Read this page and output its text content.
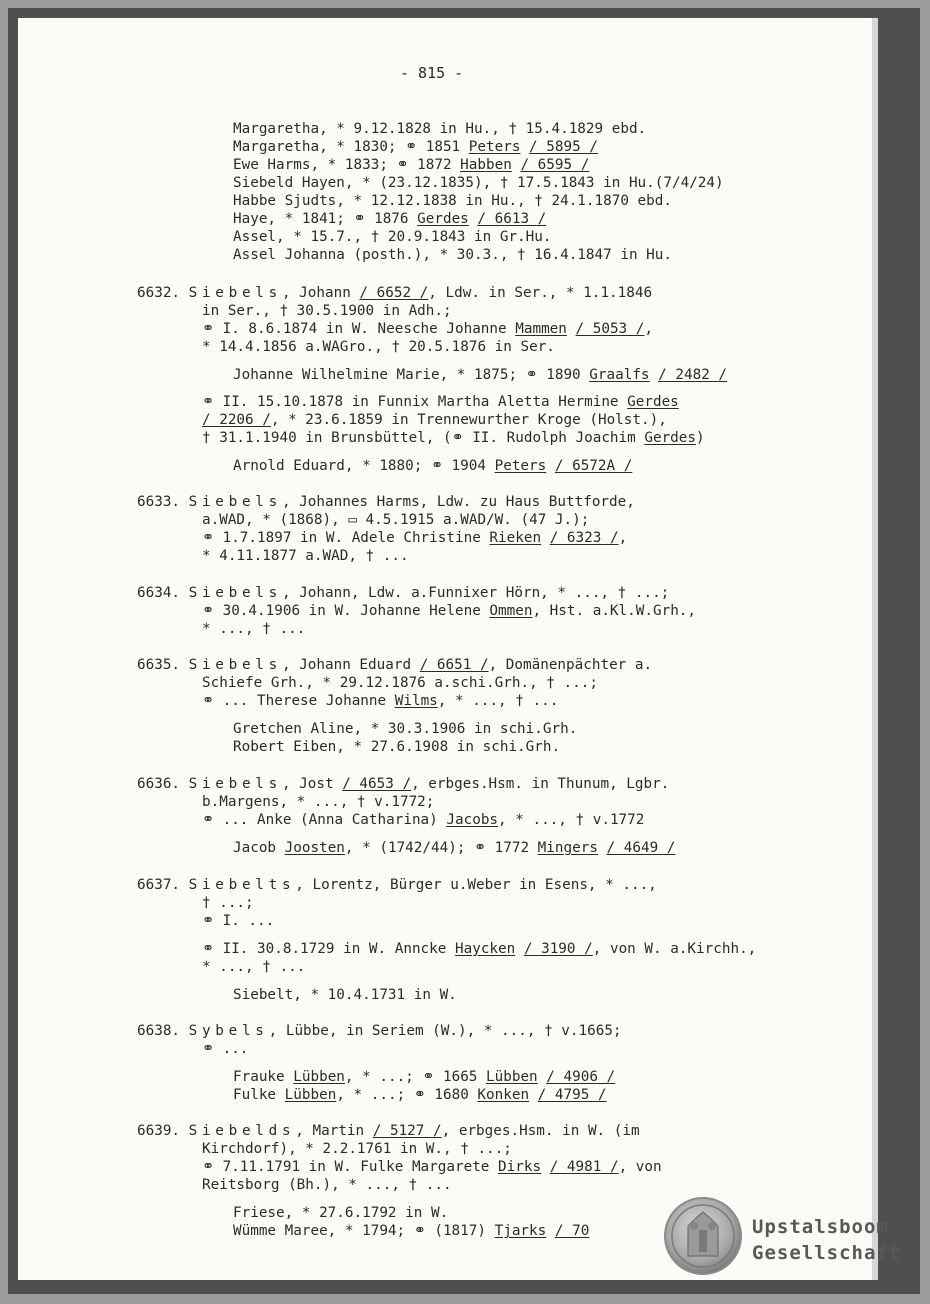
- 815 -
Margaretha, * 9.12.1828 in Hu., † 15.4.1829 ebd.
Margaretha, * 1830; ⚭ 1851 Peters / 5895 /
Ewe Harms, * 1833; ⚭ 1872 Habben / 6595 /
Siebeld Hayen, * (23.12.1835), † 17.5.1843 in Hu.(7/4/24)
Habbe Sjudts, * 12.12.1838 in Hu., † 24.1.1870 ebd.
Haye, * 1841; ⚭ 1876 Gerdes / 6613 /
Assel, * 15.7., † 20.9.1843 in Gr.Hu.
Assel Johanna (posth.), * 30.3., † 16.4.1847 in Hu.
6632. Siebels, Johann / 6652 /, Ldw. in Ser., * 1.1.1846
in Ser., † 30.5.1900 in Adh.;
⚭ I. 8.6.1874 in W. Neesche Johanne Mammen / 5053 /,
* 14.4.1856 a.WAGro., † 20.5.1876 in Ser.
Johanne Wilhelmine Marie, * 1875; ⚭ 1890 Graalfs / 2482 /
⚭ II. 15.10.1878 in Funnix Martha Aletta Hermine Gerdes
/ 2206 /, * 23.6.1859 in Trennewurther Kroge (Holst.),
† 31.1.1940 in Brunsbüttel, (⚭ II. Rudolph Joachim Gerdes)
Arnold Eduard, * 1880; ⚭ 1904 Peters / 6572A /
6633. Siebels, Johannes Harms, Ldw. zu Haus Buttforde,
a.WAD, * (1868), ▭ 4.5.1915 a.WAD/W. (47 J.);
⚭ 1.7.1897 in W. Adele Christine Rieken / 6323 /,
* 4.11.1877 a.WAD, † ...
6634. Siebels, Johann, Ldw. a.Funnixer Hörn, * ..., † ...;
⚭ 30.4.1906 in W. Johanne Helene Ommen, Hst. a.Kl.W.Grh.,
* ..., † ...
6635. Siebels, Johann Eduard / 6651 /, Domänenpächter a.
Schiefe Grh., * 29.12.1876 a.schi.Grh., † ...;
⚭ ... Therese Johanne Wilms, * ..., † ...
Gretchen Aline, * 30.3.1906 in schi.Grh.
Robert Eiben, * 27.6.1908 in schi.Grh.
6636. Siebels, Jost / 4653 /, erbges.Hsm. in Thunum, Lgbr.
b.Margens, * ..., † v.1772;
⚭ ... Anke (Anna Catharina) Jacobs, * ..., † v.1772
Jacob Joosten, * (1742/44); ⚭ 1772 Mingers / 4649 /
6637. Siebelts, Lorentz, Bürger u.Weber in Esens, * ...,
† ...;
⚭ I. ...
⚭ II. 30.8.1729 in W. Anncke Haycken / 3190 /, von W. a.Kirchh.,
* ..., † ...
Siebelt, * 10.4.1731 in W.
6638. Sybels, Lübbe, in Seriem (W.), * ..., † v.1665;
⚭ ...
Frauke Lübben, * ...; ⚭ 1665 Lübben / 4906 /
Fulke Lübben, * ...; ⚭ 1680 Konken / 4795 /
6639. Siebelds, Martin / 5127 /, erbges.Hsm. in W. (im
Kirchdorf), * 2.2.1761 in W., † ...;
⚭ 7.11.1791 in W. Fulke Margarete Dirks / 4981 /, von
Reitsborg (Bh.), * ..., † ...
Friese, * 27.6.1792 in W.
Wümme Maree, * 1794; ⚭ (1817) Tjarks / 70	Upstalsboom
Gesellschaft
